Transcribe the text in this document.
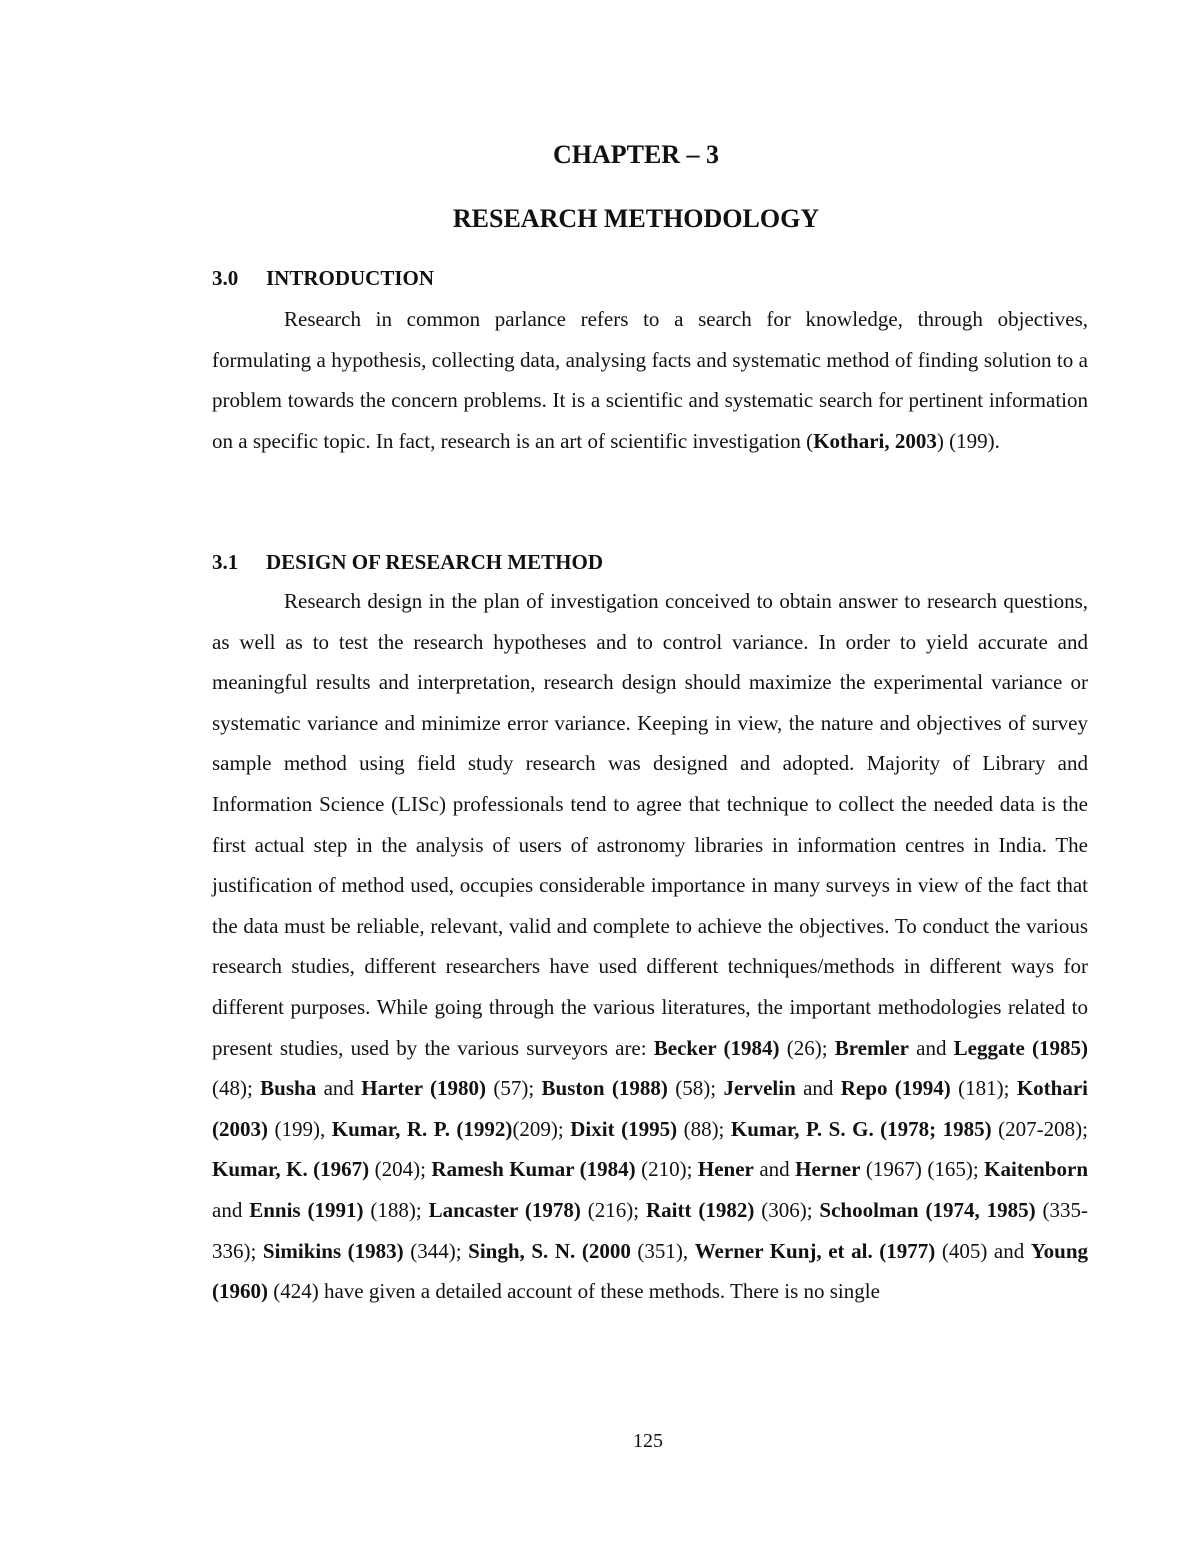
CHAPTER – 3
RESEARCH METHODOLOGY
3.0 INTRODUCTION
Research in common parlance refers to a search for knowledge, through objectives, formulating a hypothesis, collecting data, analysing facts and systematic method of finding solution to a problem towards the concern problems. It is a scientific and systematic search for pertinent information on a specific topic. In fact, research is an art of scientific investigation (Kothari, 2003) (199).
3.1 DESIGN OF RESEARCH METHOD
Research design in the plan of investigation conceived to obtain answer to research questions, as well as to test the research hypotheses and to control variance. In order to yield accurate and meaningful results and interpretation, research design should maximize the experimental variance or systematic variance and minimize error variance. Keeping in view, the nature and objectives of survey sample method using field study research was designed and adopted. Majority of Library and Information Science (LISc) professionals tend to agree that technique to collect the needed data is the first actual step in the analysis of users of astronomy libraries in information centres in India. The justification of method used, occupies considerable importance in many surveys in view of the fact that the data must be reliable, relevant, valid and complete to achieve the objectives. To conduct the various research studies, different researchers have used different techniques/methods in different ways for different purposes. While going through the various literatures, the important methodologies related to present studies, used by the various surveyors are: Becker (1984) (26); Bremler and Leggate (1985) (48); Busha and Harter (1980) (57); Buston (1988) (58); Jervelin and Repo (1994) (181); Kothari (2003) (199), Kumar, R. P. (1992)(209); Dixit (1995) (88); Kumar, P. S. G. (1978; 1985) (207-208); Kumar, K. (1967) (204); Ramesh Kumar (1984) (210); Hener and Herner (1967) (165); Kaitenborn and Ennis (1991) (188); Lancaster (1978) (216); Raitt (1982) (306); Schoolman (1974, 1985) (335-336); Simikins (1983) (344); Singh, S. N. (2000 (351), Werner Kunj, et al. (1977) (405) and Young (1960) (424) have given a detailed account of these methods. There is no single
125
